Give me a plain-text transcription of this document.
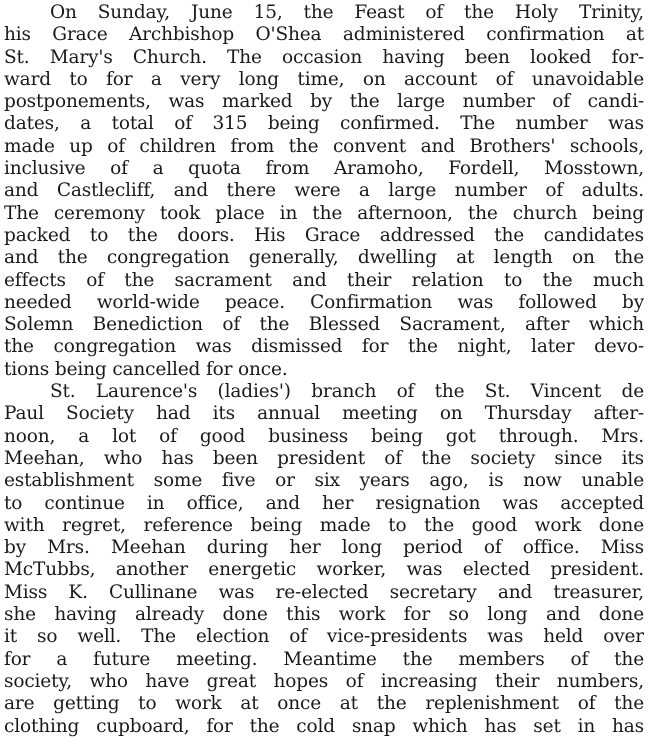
On Sunday, June 15, the Feast of the Holy Trinity,
his Grace Archbishop O'Shea administered confirmation at
St. Mary's Church. The occasion having been looked for-
ward to for a very long time, on account of unavoidable
postponements, was marked by the large number of candi-
dates, a total of 315 being confirmed. The number was
made up of children from the convent and Brothers' schools,
inclusive of a quota from Aramoho, Fordell, Mosstown,
and Castlecliff, and there were a large number of adults.
The ceremony took place in the afternoon, the church being
packed to the doors. His Grace addressed the candidates
and the congregation generally, dwelling at length on the
effects of the sacrament and their relation to the much
needed world-wide peace. Confirmation was followed by
Solemn Benediction of the Blessed Sacrament, after which
the congregation was dismissed for the night, later devo-
tions being cancelled for once.
St. Laurence's (ladies') branch of the St. Vincent de
Paul Society had its annual meeting on Thursday after-
noon, a lot of good business being got through. Mrs.
Meehan, who has been president of the society since its
establishment some five or six years ago, is now unable
to continue in office, and her resignation was accepted
with regret, reference being made to the good work done
by Mrs. Meehan during her long period of office. Miss
McTubbs, another energetic worker, was elected president.
Miss K. Cullinane was re-elected secretary and treasurer,
she having already done this work for so long and done
it so well. The election of vice-presidents was held over
for a future meeting. Meantime the members of the
society, who have great hopes of increasing their numbers,
are getting to work at once at the replenishment of the
clothing cupboard, for the cold snap which has set in has
